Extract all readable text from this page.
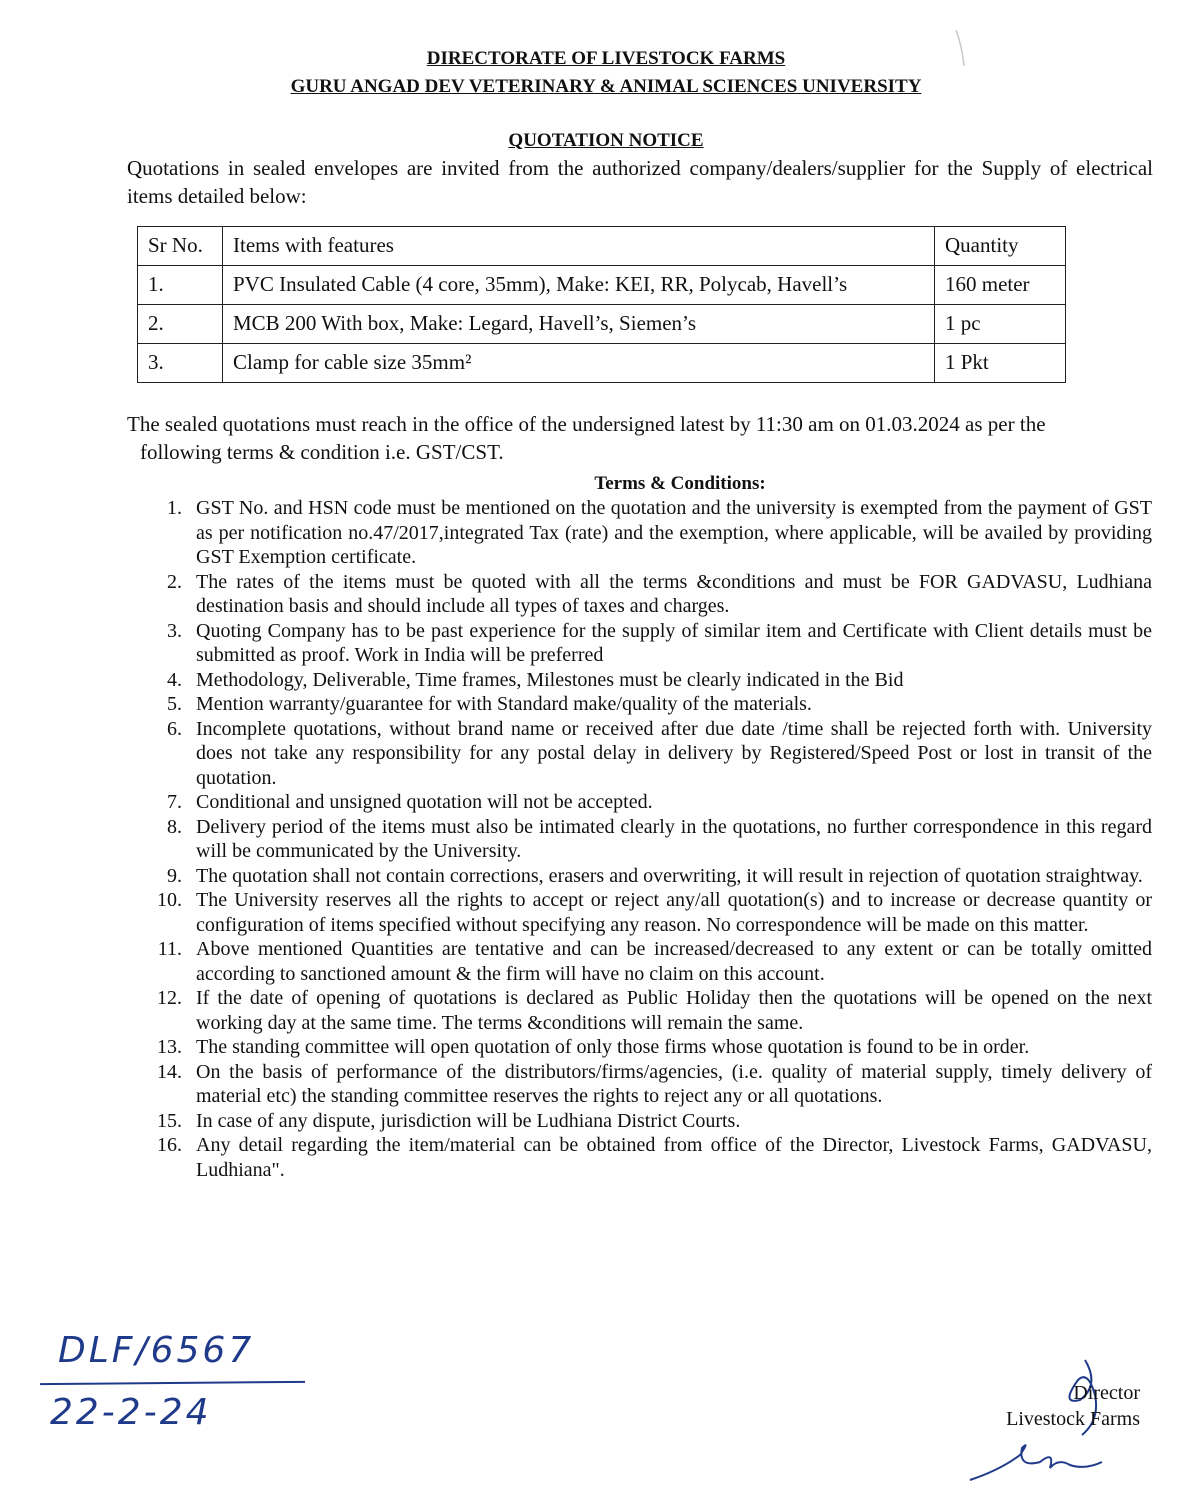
DIRECTORATE OF LIVESTOCK FARMS
GURU ANGAD DEV VETERINARY & ANIMAL SCIENCES UNIVERSITY
QUOTATION NOTICE
Quotations in sealed envelopes are invited from the authorized company/dealers/supplier for the Supply of electrical items detailed below:
Sr No.	Items with features	Quantity
1.	PVC Insulated Cable (4 core, 35mm), Make: KEI, RR, Polycab, Havell’s	160 meter
2.	MCB 200 With box, Make: Legard, Havell’s, Siemen’s	1 pc
3.	Clamp for cable size 35mm²	1 Pkt
The sealed quotations must reach in the office of the undersigned latest by 11:30 am on 01.03.2024 as per the
following terms & condition i.e. GST/CST.
Terms & Conditions:
1. GST No. and HSN code must be mentioned on the quotation and the university is exempted from the payment of GST as per notification no.47/2017,integrated Tax (rate) and the exemption, where applicable, will be availed by providing GST Exemption certificate.
2. The rates of the items must be quoted with all the terms &conditions and must be FOR GADVASU, Ludhiana destination basis and should include all types of taxes and charges.
3. Quoting Company has to be past experience for the supply of similar item and Certificate with Client details must be submitted as proof. Work in India will be preferred
4. Methodology, Deliverable, Time frames, Milestones must be clearly indicated in the Bid
5. Mention warranty/guarantee for with Standard make/quality of the materials.
6. Incomplete quotations, without brand name or received after due date /time shall be rejected forth with. University does not take any responsibility for any postal delay in delivery by Registered/Speed Post or lost in transit of the quotation.
7. Conditional and unsigned quotation will not be accepted.
8. Delivery period of the items must also be intimated clearly in the quotations, no further correspondence in this regard will be communicated by the University.
9. The quotation shall not contain corrections, erasers and overwriting, it will result in rejection of quotation straightway.
10. The University reserves all the rights to accept or reject any/all quotation(s) and to increase or decrease quantity or configuration of items specified without specifying any reason. No correspondence will be made on this matter.
11. Above mentioned Quantities are tentative and can be increased/decreased to any extent or can be totally omitted according to sanctioned amount & the firm will have no claim on this account.
12. If the date of opening of quotations is declared as Public Holiday then the quotations will be opened on the next working day at the same time. The terms &conditions will remain the same.
13. The standing committee will open quotation of only those firms whose quotation is found to be in order.
14. On the basis of performance of the distributors/firms/agencies, (i.e. quality of material supply, timely delivery of material etc) the standing committee reserves the rights to reject any or all quotations.
15. In case of any dispute, jurisdiction will be Ludhiana District Courts.
16. Any detail regarding the item/material can be obtained from office of the Director, Livestock Farms, GADVASU, Ludhiana".
DLF/6567
22-2-24	Director
Livestock Farms
